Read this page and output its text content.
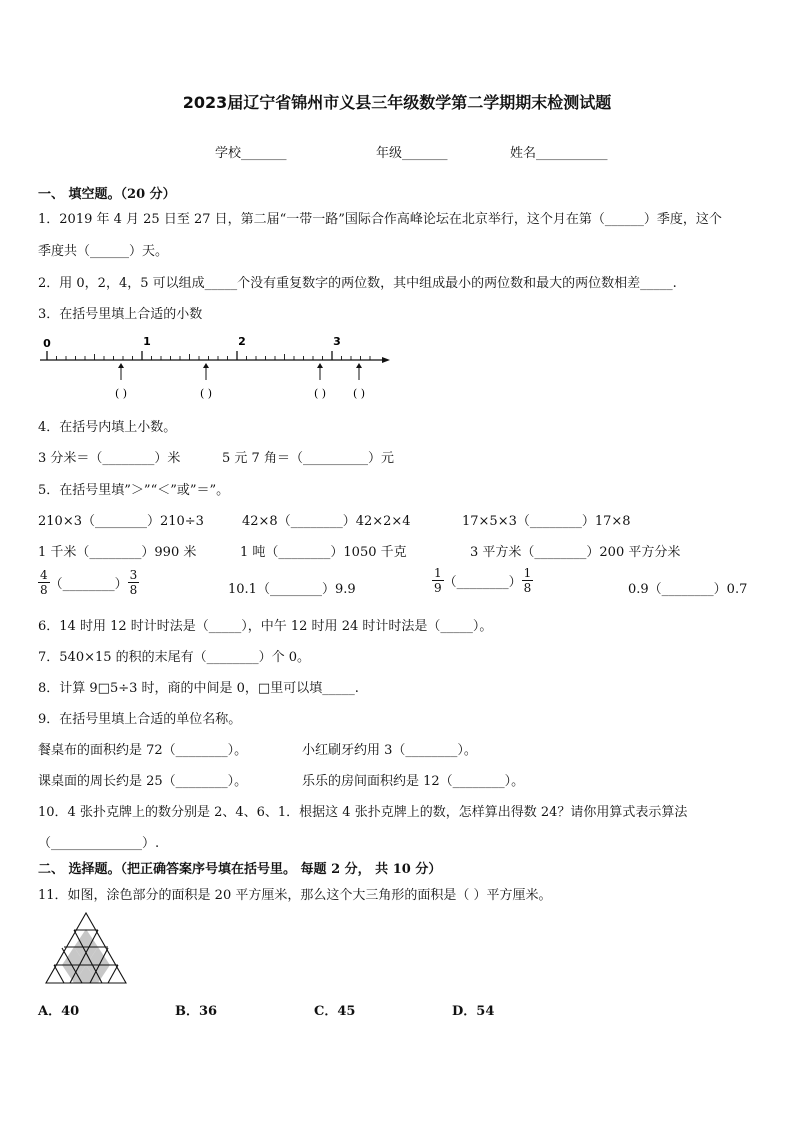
2023届辽宁省锦州市义县三年级数学第二学期期末检测试题
学校_______	年级_______	姓名___________
一、 填空题。（20 分）
1．2019 年 4 月 25 日至 27 日，第二届“一带一路”国际合作高峰论坛在北京举行，这个月在第（______）季度，这个
季度共（______）天。
2．用 0，2，4，5 可以组成_____个没有重复数字的两位数，其中组成最小的两位数和最大的两位数相差_____.
3．在括号里填上合适的小数
0	1	2	3
( )	( )	( ) ( )
4．在括号内填上小数。
3 分米＝（________）米	5 元 7 角＝（__________）元
5．在括号里填”＞”“＜”或”＝”。
210×3（________）210÷3	42×8（________）42×2×4	17×5×3（________）17×8
1 千米（________）990 米	1 吨（________）1050 千克	3 平方米（________）200 平方分米
$\frac{4}{8}$ （________） $\frac{3}{8}$	10.1（________）9.9	$\frac{1}{9}$ （________） $\frac{1}{8}$	0.9（________）0.7
6．14 时用 12 时计时法是（_____），中午 12 时用 24 时计时法是（_____）。
7．540×15 的积的末尾有（________）个 0。
8．计算 9□5÷3 时，商的中间是 0，□里可以填_____.
9．在括号里填上合适的单位名称。
餐桌布的面积约是 72（________）。	小红刷牙约用 3（________）。
课桌面的周长约是 25（________）。	乐乐的房间面积约是 12（________）。
10．4 张扑克牌上的数分别是 2、4、6、1．根据这 4 张扑克牌上的数，怎样算出得数 24？请你用算式表示算法
（______________）.
二、 选择题。（把正确答案序号填在括号里。 每题 2 分， 共 10 分）
11．如图，涂色部分的面积是 20 平方厘米，那么这个大三角形的面积是（ ）平方厘米。
A．40	B．36	C．45	D．54
